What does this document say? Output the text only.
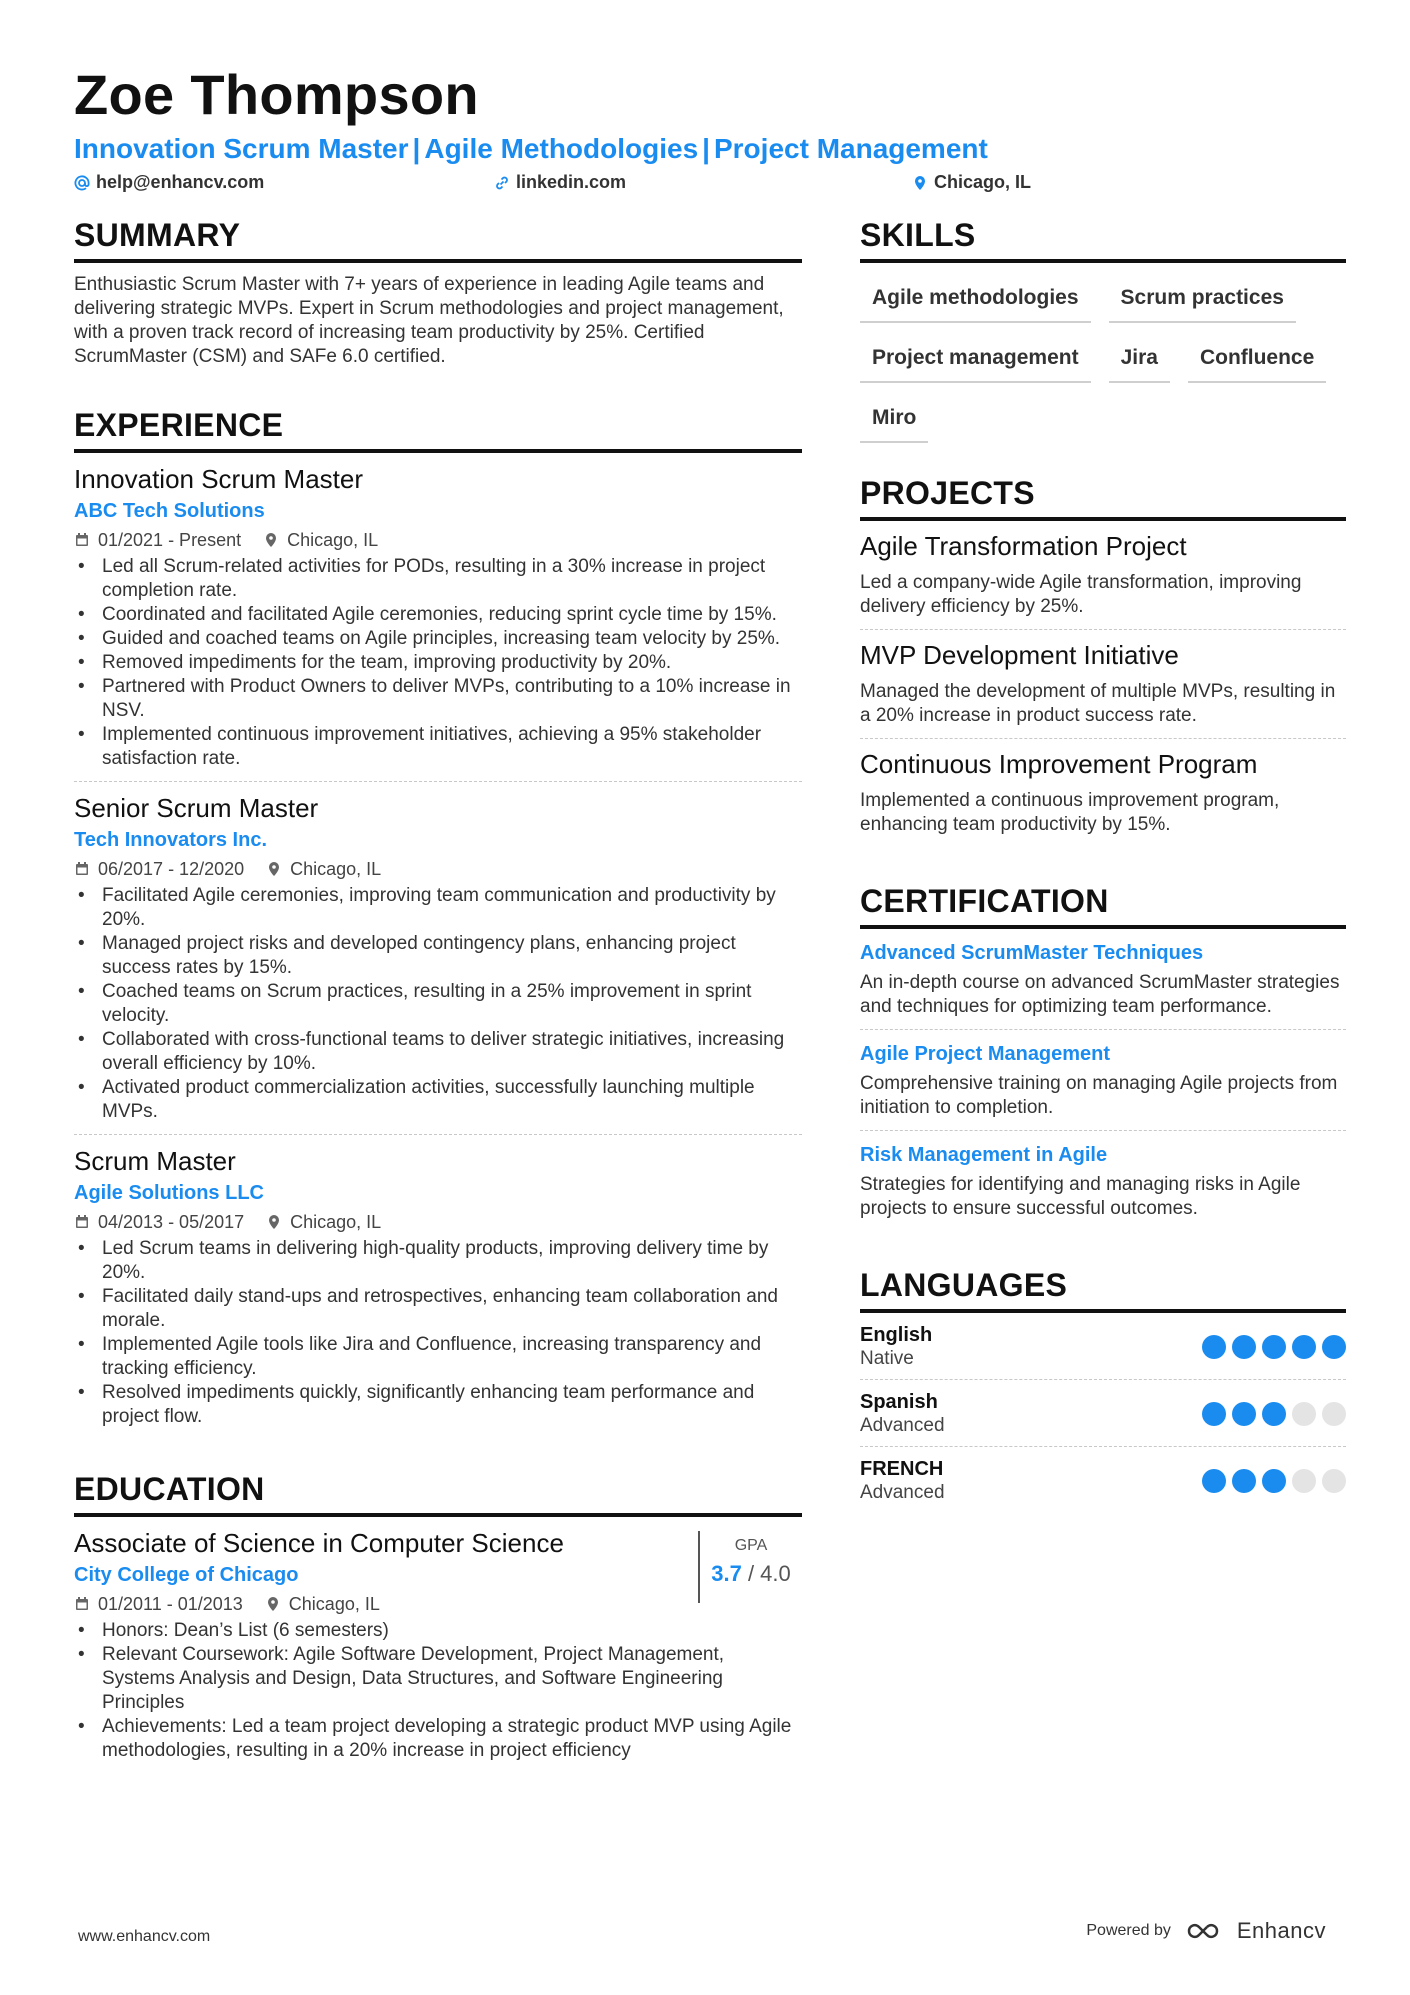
Zoe Thompson
Innovation Scrum Master | Agile Methodologies | Project Management
help@enhancv.com	linkedin.com	Chicago, IL
SUMMARY
Enthusiastic Scrum Master with 7+ years of experience in leading Agile teams and delivering strategic MVPs. Expert in Scrum methodologies and project management, with a proven track record of increasing team productivity by 25%. Certified ScrumMaster (CSM) and SAFe 6.0 certified.
EXPERIENCE
Innovation Scrum Master
ABC Tech Solutions
01/2021 - Present	Chicago, IL
• Led all Scrum-related activities for PODs, resulting in a 30% increase in project completion rate.
• Coordinated and facilitated Agile ceremonies, reducing sprint cycle time by 15%.
• Guided and coached teams on Agile principles, increasing team velocity by 25%.
• Removed impediments for the team, improving productivity by 20%.
• Partnered with Product Owners to deliver MVPs, contributing to a 10% increase in NSV.
• Implemented continuous improvement initiatives, achieving a 95% stakeholder satisfaction rate.
Senior Scrum Master
Tech Innovators Inc.
06/2017 - 12/2020	Chicago, IL
• Facilitated Agile ceremonies, improving team communication and productivity by 20%.
• Managed project risks and developed contingency plans, enhancing project success rates by 15%.
• Coached teams on Scrum practices, resulting in a 25% improvement in sprint velocity.
• Collaborated with cross-functional teams to deliver strategic initiatives, increasing overall efficiency by 10%.
• Activated product commercialization activities, successfully launching multiple MVPs.
Scrum Master
Agile Solutions LLC
04/2013 - 05/2017	Chicago, IL
• Led Scrum teams in delivering high-quality products, improving delivery time by 20%.
• Facilitated daily stand-ups and retrospectives, enhancing team collaboration and morale.
• Implemented Agile tools like Jira and Confluence, increasing transparency and tracking efficiency.
• Resolved impediments quickly, significantly enhancing team performance and project flow.
EDUCATION
Associate of Science in Computer Science
City College of Chicago
01/2011 - 01/2013	Chicago, IL
• Honors: Dean’s List (6 semesters)
• Relevant Coursework: Agile Software Development, Project Management, Systems Analysis and Design, Data Structures, and Software Engineering Principles
• Achievements: Led a team project developing a strategic product MVP using Agile methodologies, resulting in a 20% increase in project efficiency
GPA
3.7 / 4.0
SKILLS
Agile methodologies	Scrum practices
Project management	Jira	Confluence
Miro
PROJECTS
Agile Transformation Project
Led a company-wide Agile transformation, improving delivery efficiency by 25%.
MVP Development Initiative
Managed the development of multiple MVPs, resulting in a 20% increase in product success rate.
Continuous Improvement Program
Implemented a continuous improvement program, enhancing team productivity by 15%.
CERTIFICATION
Advanced ScrumMaster Techniques
An in-depth course on advanced ScrumMaster strategies and techniques for optimizing team performance.
Agile Project Management
Comprehensive training on managing Agile projects from initiation to completion.
Risk Management in Agile
Strategies for identifying and managing risks in Agile projects to ensure successful outcomes.
LANGUAGES
English
Native
Spanish
Advanced
FRENCH
Advanced
www.enhancv.com	Powered by	Enhancv
